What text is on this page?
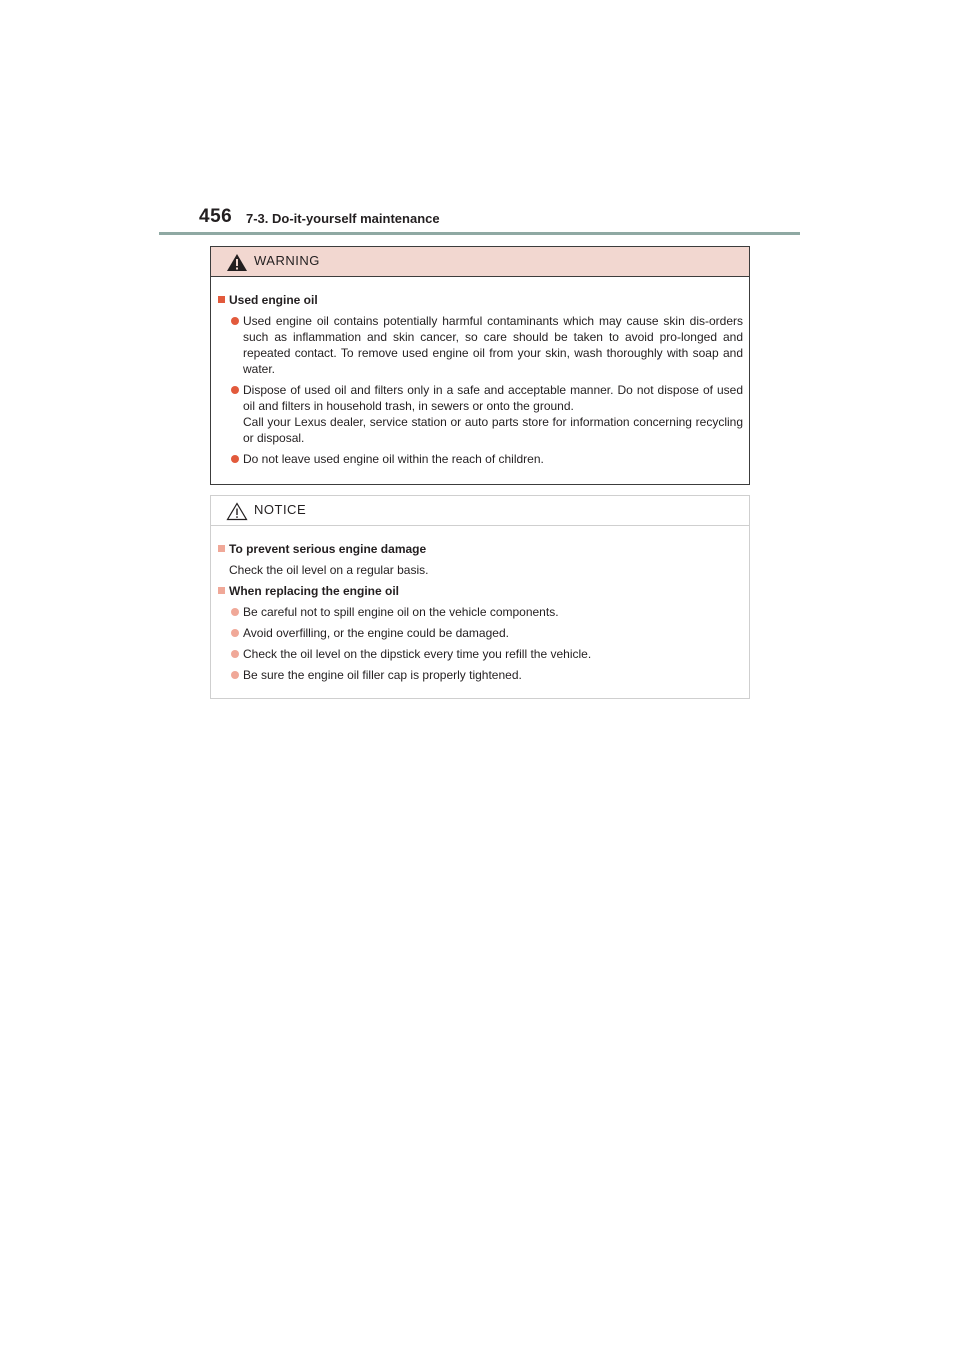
456 7-3. Do-it-yourself maintenance
WARNING
Used engine oil
Used engine oil contains potentially harmful contaminants which may cause skin dis-orders such as inflammation and skin cancer, so care should be taken to avoid pro-longed and repeated contact. To remove used engine oil from your skin, wash thoroughly with soap and water.
Dispose of used oil and filters only in a safe and acceptable manner. Do not dispose of used oil and filters in household trash, in sewers or onto the ground.
Call your Lexus dealer, service station or auto parts store for information concerning recycling or disposal.
Do not leave used engine oil within the reach of children.
NOTICE
To prevent serious engine damage
Check the oil level on a regular basis.
When replacing the engine oil
Be careful not to spill engine oil on the vehicle components.
Avoid overfilling, or the engine could be damaged.
Check the oil level on the dipstick every time you refill the vehicle.
Be sure the engine oil filler cap is properly tightened.
